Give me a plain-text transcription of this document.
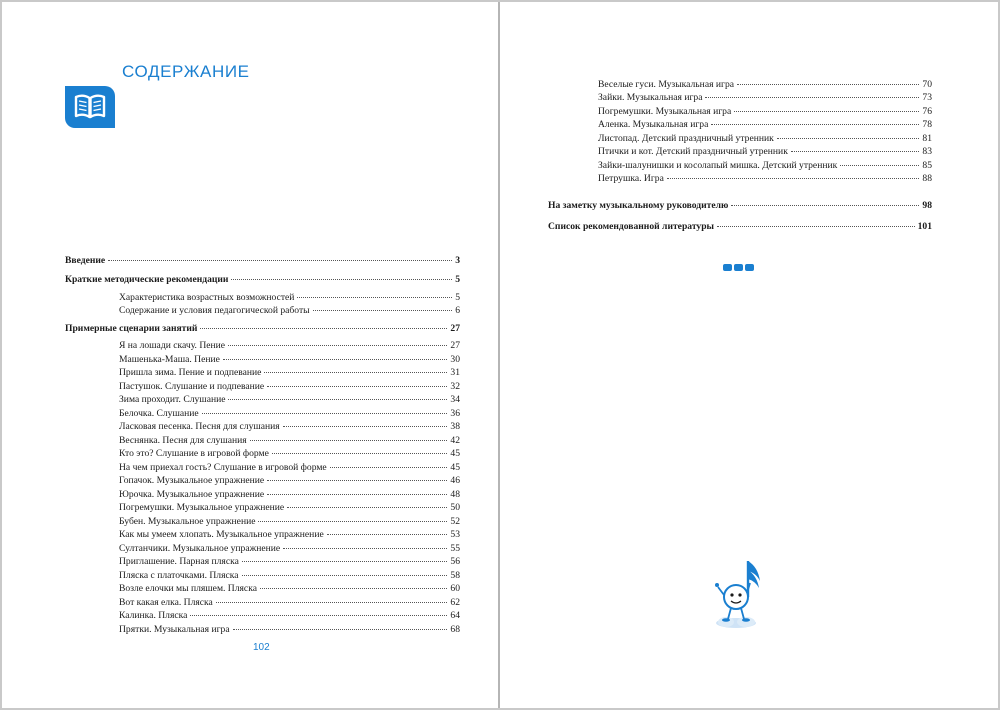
СОДЕРЖАНИЕ
Введение	3
Краткие методические рекомендации	5
Характеристика возрастных возможностей	5
Содержание и условия педагогической работы	6
Примерные сценарии занятий	27
Я на лошади скачу. Пение	27
Машенька-Маша. Пение	30
Пришла зима. Пение и подпевание	31
Пастушок. Слушание и подпевание	32
Зима проходит. Слушание	34
Белочка. Слушание	36
Ласковая песенка. Песня для слушания	38
Веснянка. Песня для слушания	42
Кто это? Слушание в игровой форме	45
На чем приехал гость? Слушание в игровой форме	45
Гопачок. Музыкальное упражнение	46
Юрочка. Музыкальное упражнение	48
Погремушки. Музыкальное упражнение	50
Бубен. Музыкальное упражнение	52
Как мы умеем хлопать. Музыкальное упражнение	53
Султанчики. Музыкальное упражнение	55
Приглашение. Парная пляска	56
Пляска с платочками. Пляска	58
Возле елочки мы пляшем. Пляска	60
Вот какая елка. Пляска	62
Калинка. Пляска	64
Прятки. Музыкальная игра	68
102
Веселые гуси. Музыкальная игра	70
Зайки. Музыкальная игра	73
Погремушки. Музыкальная игра	76
Аленка. Музыкальная игра	78
Листопад. Детский праздничный утренник	81
Птички и кот. Детский праздничный утренник	83
Зайки-шалунишки и косолапый мишка. Детский утренник	85
Петрушка. Игра	88
На заметку музыкальному руководителю	98
Список рекомендованной литературы	101
